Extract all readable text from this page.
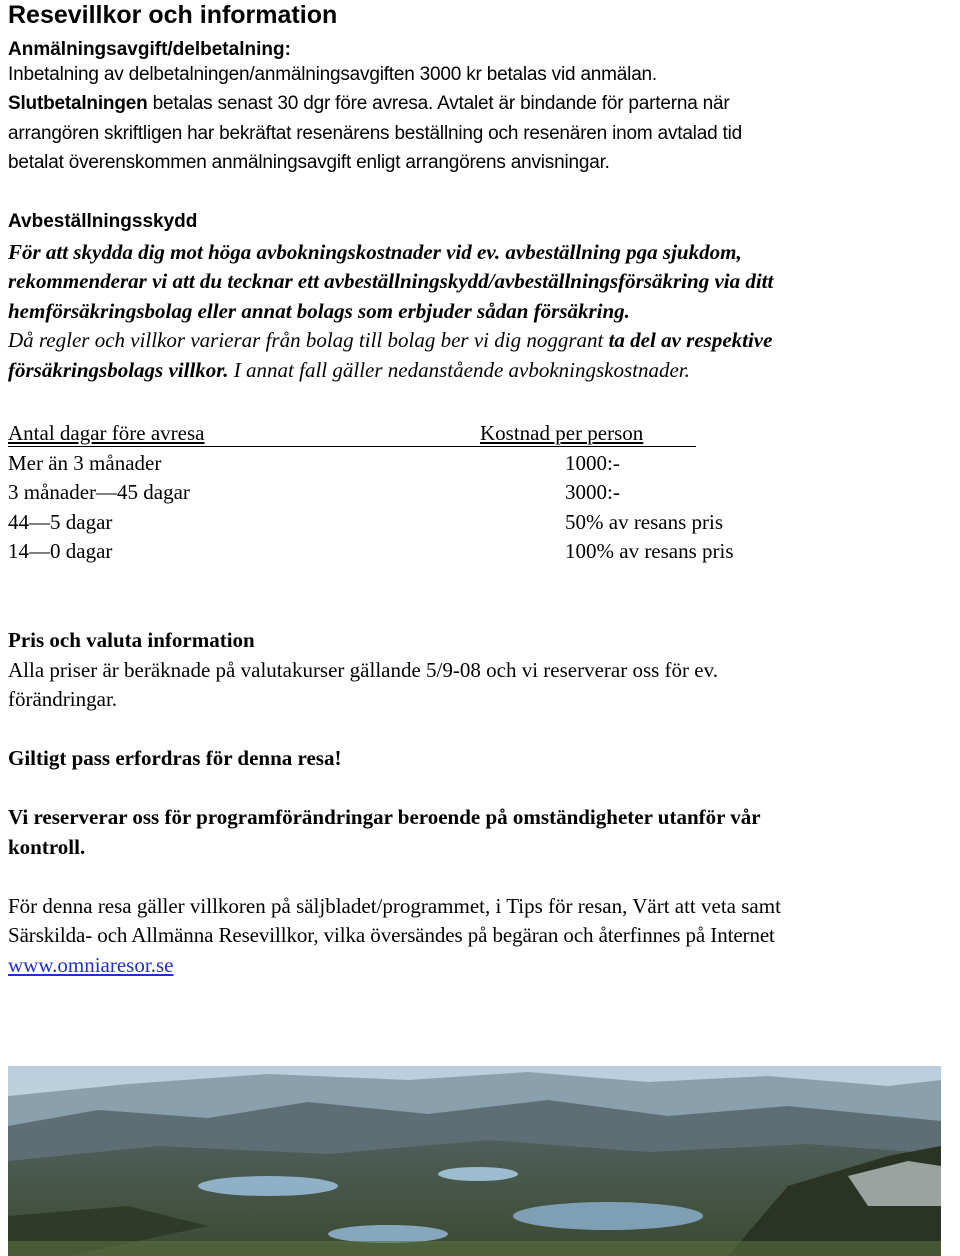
Resevillkor och information
Anmälningsavgift/delbetalning:
Inbetalning av delbetalningen/anmälningsavgiften 3000 kr betalas vid anmälan.
Slutbetalningen betalas senast 30 dgr före avresa. Avtalet är bindande för parterna när
arrangören skriftligen har bekräftat resenärens beställning och resenären inom avtalad tid
betalat överenskommen anmälningsavgift enligt arrangörens anvisningar.
Avbeställningsskydd
För att skydda dig mot höga avbokningskostnader vid ev. avbeställning pga sjukdom,
rekommenderar vi att du tecknar ett avbeställningskydd/avbeställningsförsäkring via ditt
hemförsäkringsbolag eller annat bolags som erbjuder sådan försäkring.
Då regler och villkor varierar från bolag till bolag ber vi dig noggrant ta del av respektive
försäkringsbolags villkor. I annat fall gäller nedanstående avbokningskostnader.
Antal dagar före avresa	Kostnad per person
Mer än 3 månader	1000:-
3 månader—45 dagar	3000:-
44—5 dagar	50% av resans pris
14—0 dagar	100% av resans pris
Pris och valuta information
Alla priser är beräknade på valutakurser gällande 5/9-08 och vi reserverar oss för ev.
förändringar.
Giltigt pass erfordras för denna resa!
Vi reserverar oss för programförändringar beroende på omständigheter utanför vår
kontroll.
För denna resa gäller villkoren på säljbladet/programmet, i Tips för resan, Värt att veta samt
Särskilda- och Allmänna Resevillkor, vilka översändes på begäran och återfinnes på Internet
www.omniaresor.se
